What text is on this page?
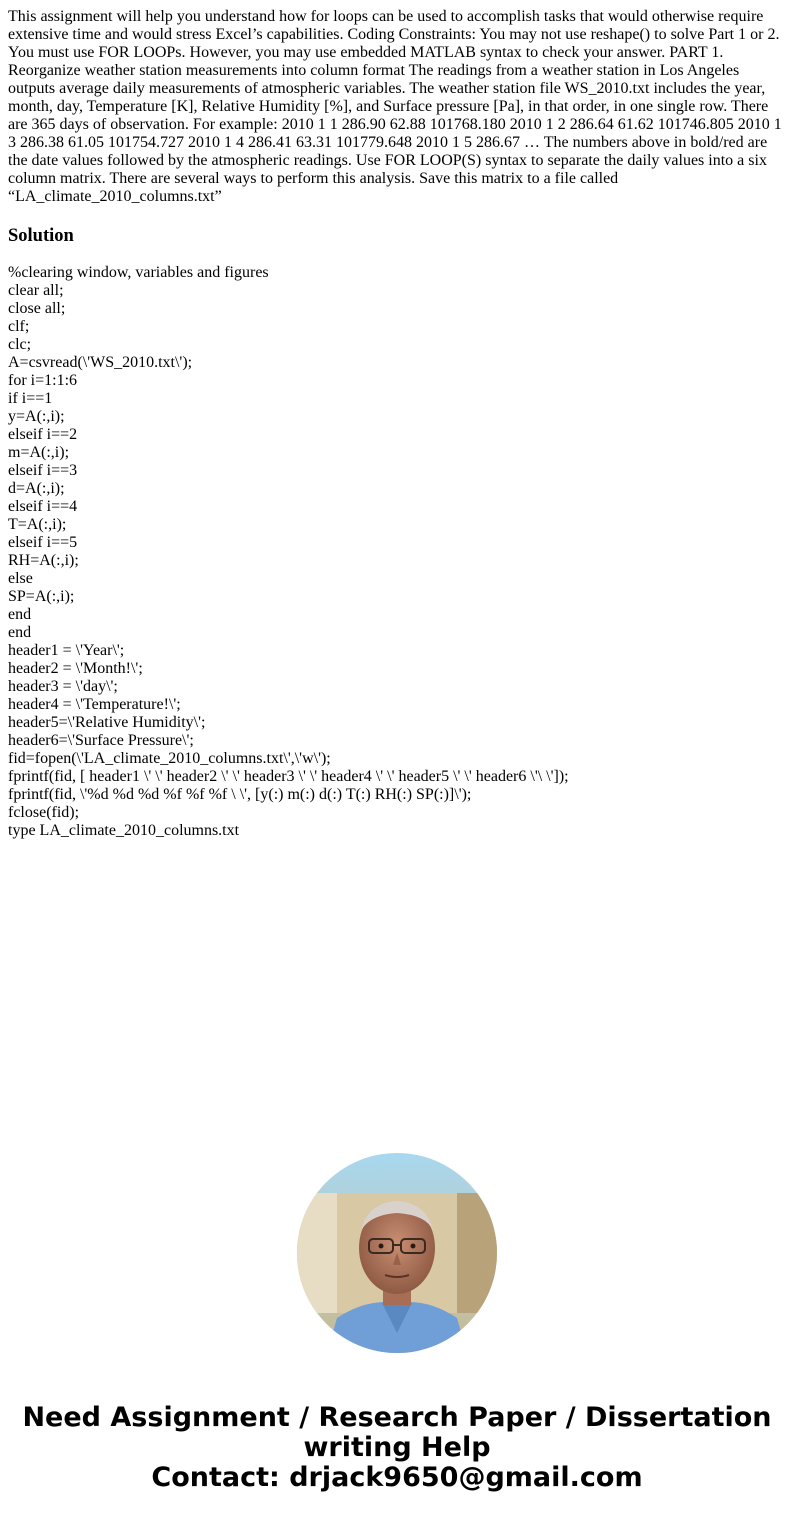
This assignment will help you understand how for loops can be used to accomplish tasks that would otherwise require extensive time and would stress Excel’s capabilities. Coding Constraints: You may not use reshape() to solve Part 1 or 2. You must use FOR LOOPs. However, you may use embedded MATLAB syntax to check your answer. PART 1. Reorganize weather station measurements into column format The readings from a weather station in Los Angeles outputs average daily measurements of atmospheric variables. The weather station file WS_2010.txt includes the year, month, day, Temperature [K], Relative Humidity [%], and Surface pressure [Pa], in that order, in one single row. There are 365 days of observation. For example: 2010 1 1 286.90 62.88 101768.180 2010 1 2 286.64 61.62 101746.805 2010 1 3 286.38 61.05 101754.727 2010 1 4 286.41 63.31 101779.648 2010 1 5 286.67 … The numbers above in bold/red are the date values followed by the atmospheric readings. Use FOR LOOP(S) syntax to separate the daily values into a six column matrix. There are several ways to perform this analysis. Save this matrix to a file called “LA_climate_2010_columns.txt”

Solution
%clearing window, variables and figures
clear all;
close all;
clf;
clc;
A=csvread(\'WS_2010.txt\');
for i=1:1:6
if i==1
y=A(:,i);
elseif i==2
m=A(:,i);
elseif i==3
d=A(:,i);
elseif i==4
T=A(:,i);
elseif i==5
RH=A(:,i);
else
SP=A(:,i);
end
end
header1 = \'Year\';
header2 = \'Month!\';
header3 = \'day\';
header4 = \'Temperature!\';
header5=\'Relative Humidity\';
header6=\'Surface Pressure\';
fid=fopen(\'LA_climate_2010_columns.txt\',\'w\');
fprintf(fid, [ header1 \' \' header2 \' \' header3 \' \' header4 \' \' header5 \' \' header6 \'\ \']);
fprintf(fid, \'%d %d %d %f %f %f \ \', [y(:) m(:) d(:) T(:) RH(:) SP(:)]\');
fclose(fid);
type LA_climate_2010_columns.txt
Need Assignment / Research Paper / Dissertation
writing Help
Contact: drjack9650@gmail.com
